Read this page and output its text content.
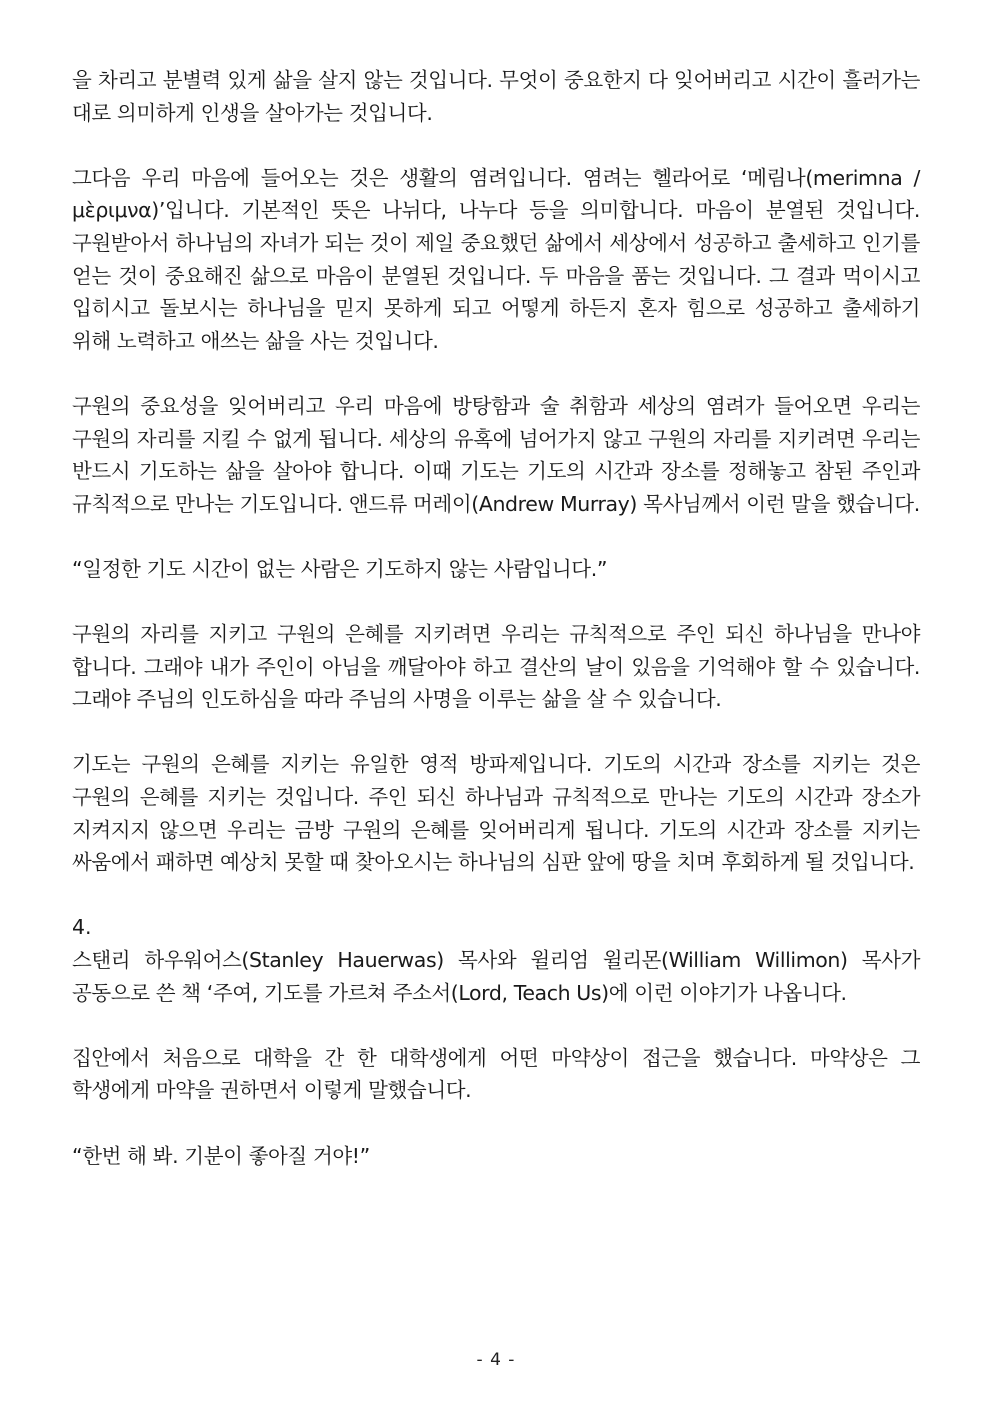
을 차리고 분별력 있게 삶을 살지 않는 것입니다. 무엇이 중요한지 다 잊어버리고 시간이 흘러가는 대로 의미하게 인생을 살아가는 것입니다.

그다음 우리 마음에 들어오는 것은 생활의 염려입니다. 염려는 헬라어로 ‘메림나(merimna / μὲριμνα)’입니다. 기본적인 뜻은 나뉘다, 나누다 등을 의미합니다. 마음이 분열된 것입니다. 구원받아서 하나님의 자녀가 되는 것이 제일 중요했던 삶에서 세상에서 성공하고 출세하고 인기를 얻는 것이 중요해진 삶으로 마음이 분열된 것입니다. 두 마음을 품는 것입니다. 그 결과 먹이시고 입히시고 돌보시는 하나님을 믿지 못하게 되고 어떻게 하든지 혼자 힘으로 성공하고 출세하기 위해 노력하고 애쓰는 삶을 사는 것입니다.

구원의 중요성을 잊어버리고 우리 마음에 방탕함과 술 취함과 세상의 염려가 들어오면 우리는 구원의 자리를 지킬 수 없게 됩니다. 세상의 유혹에 넘어가지 않고 구원의 자리를 지키려면 우리는 반드시 기도하는 삶을 살아야 합니다. 이때 기도는 기도의 시간과 장소를 정해놓고 참된 주인과 규칙적으로 만나는 기도입니다. 앤드류 머레이(Andrew Murray) 목사님께서 이런 말을 했습니다.

“일정한 기도 시간이 없는 사람은 기도하지 않는 사람입니다.”

구원의 자리를 지키고 구원의 은혜를 지키려면 우리는 규칙적으로 주인 되신 하나님을 만나야 합니다. 그래야 내가 주인이 아님을 깨달아야 하고 결산의 날이 있음을 기억해야 할 수 있습니다. 그래야 주님의 인도하심을 따라 주님의 사명을 이루는 삶을 살 수 있습니다.

기도는 구원의 은혜를 지키는 유일한 영적 방파제입니다. 기도의 시간과 장소를 지키는 것은 구원의 은혜를 지키는 것입니다. 주인 되신 하나님과 규칙적으로 만나는 기도의 시간과 장소가 지켜지지 않으면 우리는 금방 구원의 은혜를 잊어버리게 됩니다. 기도의 시간과 장소를 지키는 싸움에서 패하면 예상치 못할 때 찾아오시는 하나님의 심판 앞에 땅을 치며 후회하게 될 것입니다.

4.

스탠리 하우워어스(Stanley Hauerwas) 목사와 윌리엄 윌리몬(William Willimon) 목사가 공동으로 쓴 책 ‘주여, 기도를 가르쳐 주소서(Lord, Teach Us)에 이런 이야기가 나옵니다.

집안에서 처음으로 대학을 간 한 대학생에게 어떤 마약상이 접근을 했습니다. 마약상은 그 학생에게 마약을 권하면서 이렇게 말했습니다.

“한번 해 봐. 기분이 좋아질 거야!”

- 4 -
